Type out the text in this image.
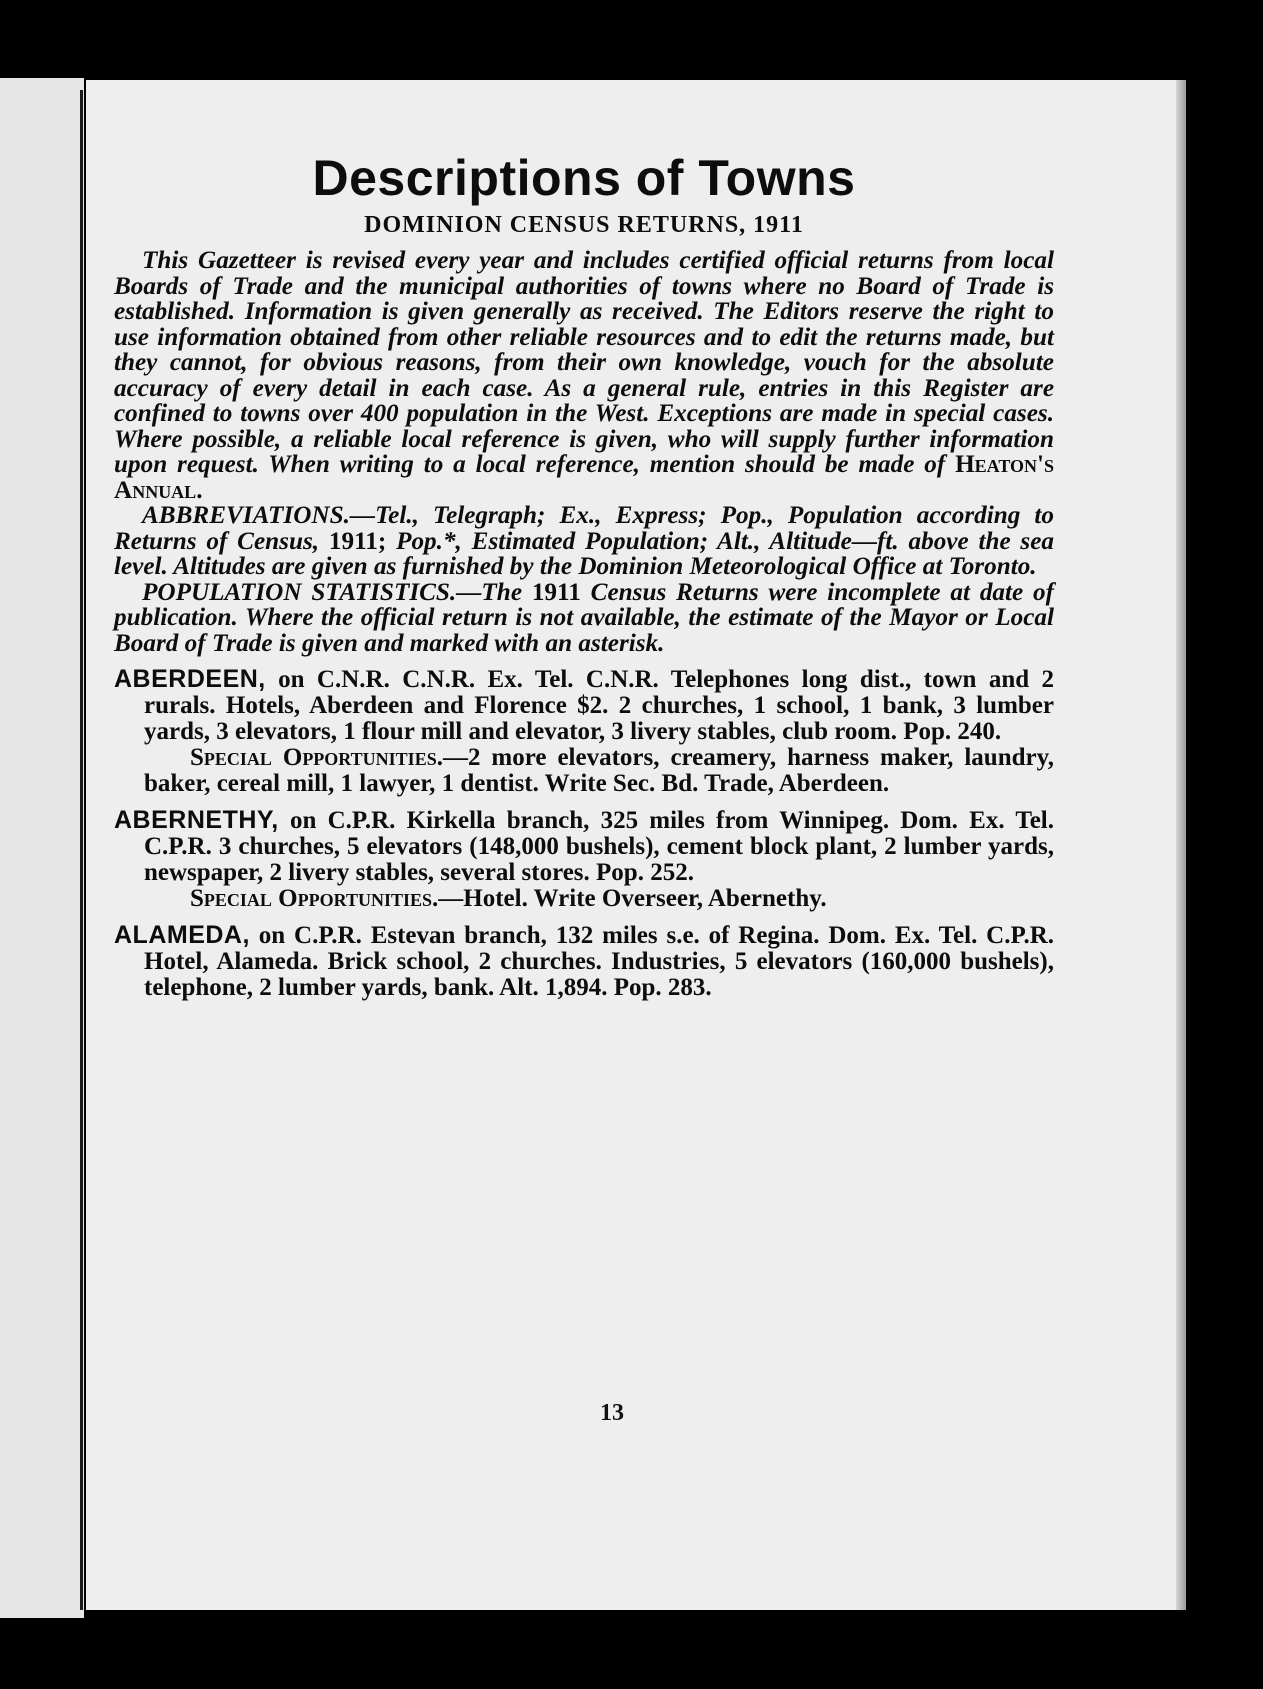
Descriptions of Towns
DOMINION CENSUS RETURNS, 1911

This Gazetteer is revised every year and includes certified official returns from local Boards of Trade and the municipal authorities of towns where no Board of Trade is established. Information is given generally as received. The Editors reserve the right to use information obtained from other reliable resources and to edit the returns made, but they cannot, for obvious reasons, from their own knowledge, vouch for the absolute accuracy of every detail in each case. As a general rule, entries in this Register are confined to towns over 400 population in the West. Exceptions are made in special cases. Where possible, a reliable local reference is given, who will supply further information upon request. When writing to a local reference, mention should be made of Heaton's Annual.

ABBREVIATIONS.—Tel., Telegraph; Ex., Express; Pop., Population according to Returns of Census, 1911; Pop.*, Estimated Population; Alt., Altitude—ft. above the sea level. Altitudes are given as furnished by the Dominion Meteorological Office at Toronto.

POPULATION STATISTICS.—The 1911 Census Returns were incomplete at date of publication. Where the official return is not available, the estimate of the Mayor or Local Board of Trade is given and marked with an asterisk.

ABERDEEN, on C.N.R. C.N.R. Ex. Tel. C.N.R. Telephones long dist., town and 2 rurals. Hotels, Aberdeen and Florence $2. 2 churches, 1 school, 1 bank, 3 lumber yards, 3 elevators, 1 flour mill and elevator, 3 livery stables, club room. Pop. 240.

Special Opportunities.—2 more elevators, creamery, harness maker, laundry, baker, cereal mill, 1 lawyer, 1 dentist. Write Sec. Bd. Trade, Aberdeen.

ABERNETHY, on C.P.R. Kirkella branch, 325 miles from Winnipeg. Dom. Ex. Tel. C.P.R. 3 churches, 5 elevators (148,000 bushels), cement block plant, 2 lumber yards, newspaper, 2 livery stables, several stores. Pop. 252.

Special Opportunities.—Hotel. Write Overseer, Abernethy.

ALAMEDA, on C.P.R. Estevan branch, 132 miles s.e. of Regina. Dom. Ex. Tel. C.P.R. Hotel, Alameda. Brick school, 2 churches. Industries, 5 elevators (160,000 bushels), telephone, 2 lumber yards, bank. Alt. 1,894. Pop. 283.

13
